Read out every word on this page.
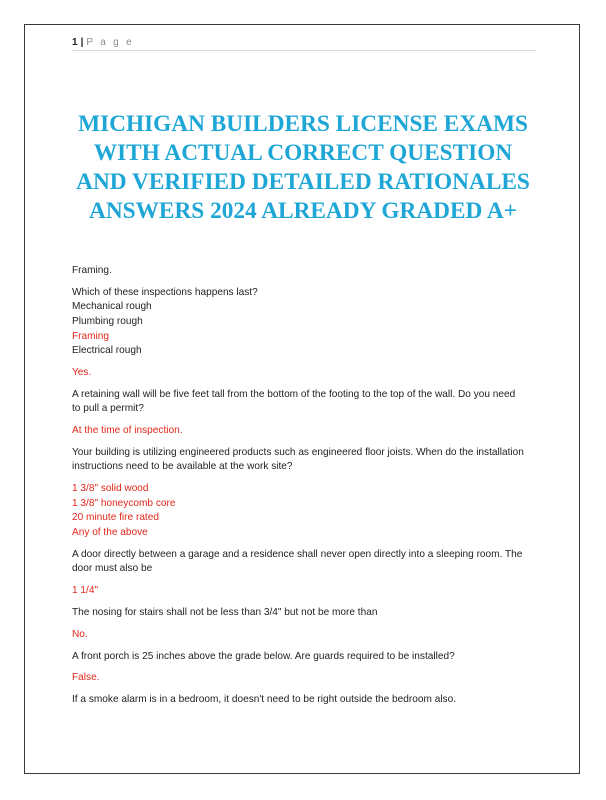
1 | P a g e
MICHIGAN BUILDERS LICENSE EXAMS
WITH ACTUAL CORRECT QUESTION
AND VERIFIED DETAILED RATIONALES
ANSWERS 2024 ALREADY GRADED A+

Framing.

Which of these inspections happens last?
Mechanical rough
Plumbing rough
Framing
Electrical rough

Yes.

A retaining wall will be five feet tall from the bottom of the footing to the top of the wall. Do you need
to pull a permit?

At the time of inspection.

Your building is utilizing engineered products such as engineered floor joists. When do the installation
instructions need to be available at the work site?
1 3/8" solid wood
1 3/8" honeycomb core
20 minute fire rated
Any of the above
A door directly between a garage and a residence shall never open directly into a sleeping room. The
door must also be

1 1/4"

The nosing for stairs shall not be less than 3/4" but not be more than

No.

A front porch is 25 inches above the grade below. Are guards required to be installed?

False.

If a smoke alarm is in a bedroom, it doesn't need to be right outside the bedroom also.
